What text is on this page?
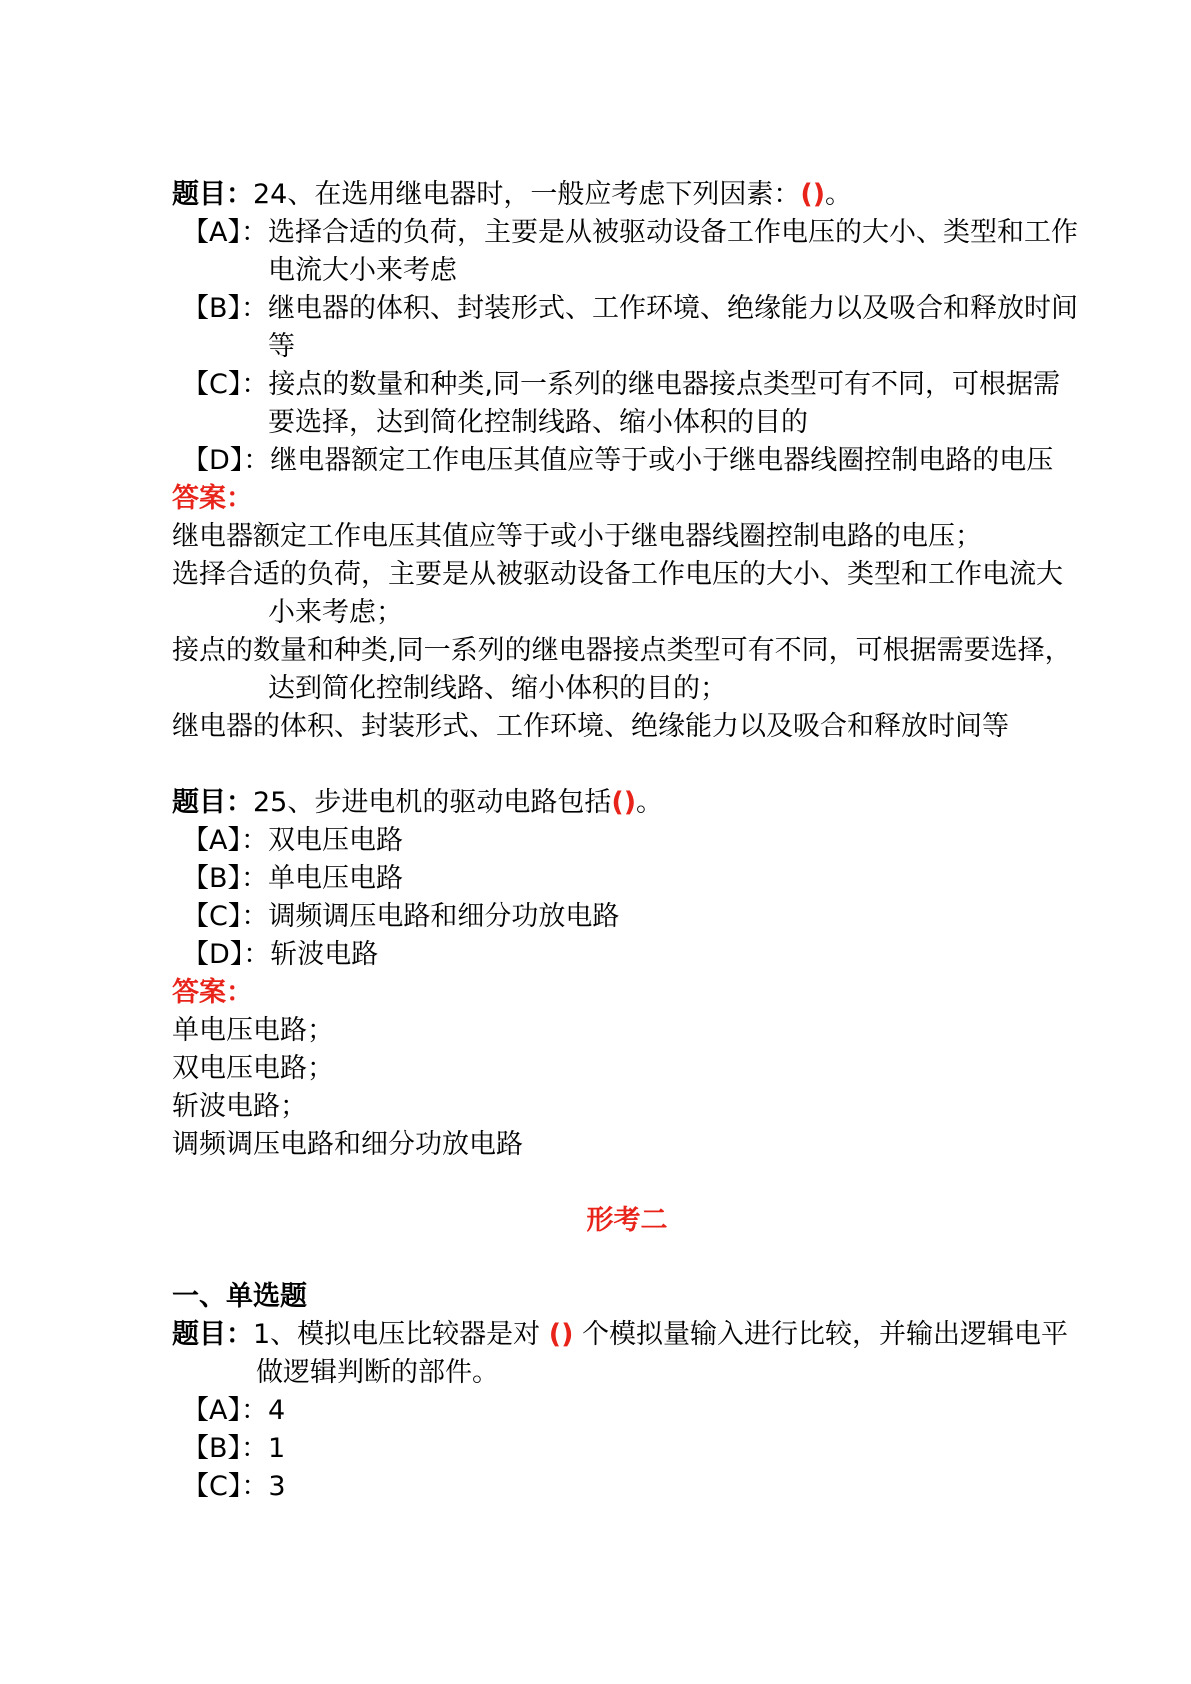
题目：24、在选用继电器时，一般应考虑下列因素：()。

【A】：选择合适的负荷，主要是从被驱动设备工作电压的大小、类型和工作电流大小来考虑

【B】：继电器的体积、封装形式、工作环境、绝缘能力以及吸合和释放时间等

【C】：接点的数量和种类,同一系列的继电器接点类型可有不同，可根据需要选择，达到简化控制线路、缩小体积的目的

【D】：继电器额定工作电压其值应等于或小于继电器线圈控制电路的电压

答案：

继电器额定工作电压其值应等于或小于继电器线圈控制电路的电压；

选择合适的负荷，主要是从被驱动设备工作电压的大小、类型和工作电流大小来考虑；

接点的数量和种类,同一系列的继电器接点类型可有不同，可根据需要选择，达到简化控制线路、缩小体积的目的；

继电器的体积、封装形式、工作环境、绝缘能力以及吸合和释放时间等

题目：25、步进电机的驱动电路包括()。

【A】：双电压电路

【B】：单电压电路

【C】：调频调压电路和细分功放电路

【D】：斩波电路

答案：

单电压电路；

双电压电路；

斩波电路；

调频调压电路和细分功放电路

形考二

一、单选题

题目：1、模拟电压比较器是对 () 个模拟量输入进行比较，并输出逻辑电平做逻辑判断的部件。

【A】：4

【B】：1

【C】：3
